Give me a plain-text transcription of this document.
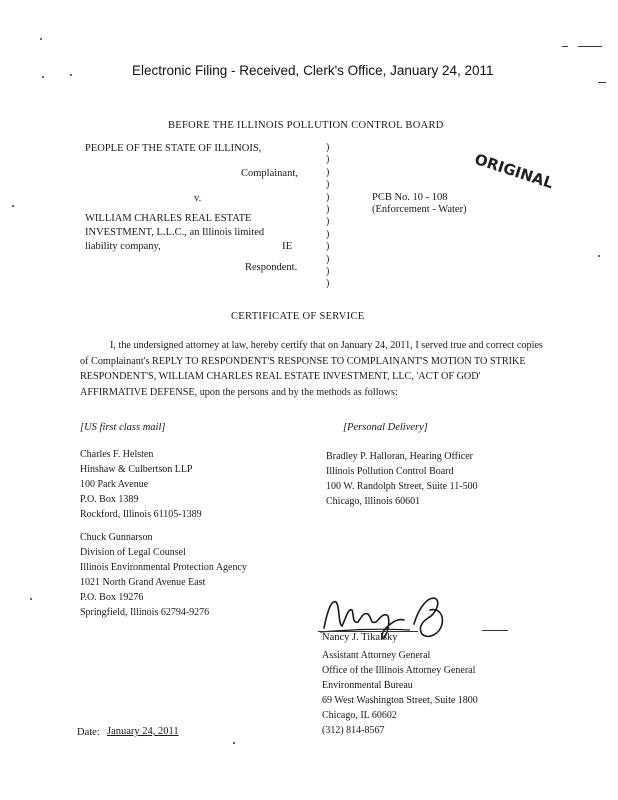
Electronic Filing - Received, Clerk's Office, January 24, 2011
BEFORE THE ILLINOIS POLLUTION CONTROL BOARD
PEOPLE OF THE STATE OF ILLINOIS,
Complainant,
v.
WILLIAM CHARLES REAL ESTATE
INVESTMENT, L.L.C., an Illinois limited
liability company,	IE
Respondent.
)
)
)
)
)
)
)
)
)
)
)
)
ORIGINAL
PCB No. 10 - 108
(Enforcement - Water)
CERTIFICATE OF SERVICE
I, the undersigned attorney at law, hereby certify that on January 24, 2011, I served true and correct copies of Complainant's REPLY TO RESPONDENT'S RESPONSE TO COMPLAINANT'S MOTION TO STRIKE RESPONDENT'S, WILLIAM CHARLES REAL ESTATE INVESTMENT, LLC, 'ACT OF GOD' AFFIRMATIVE DEFENSE, upon the persons and by the methods as follows:
[US first class mail]	[Personal Delivery]
Charles F. Helsten
Hinshaw & Culbertson LLP
100 Park Avenue
P.O. Box 1389
Rockford, Illinois 61105-1389
Bradley P. Halloran, Hearing Officer
Illinois Pollution Control Board
100 W. Randolph Street, Suite 11-500
Chicago, Illinois 60601
Chuck Gunnarson
Division of Legal Counsel
Illinois Environmental Protection Agency
1021 North Grand Avenue East
P.O. Box 19276
Springfield, Illinois 62794-9276
Nancy J. Tikalsky
Assistant Attorney General
Office of the Illinois Attorney General
Environmental Bureau
69 West Washington Street, Suite 1800
Chicago, IL 60602
(312) 814-8567
Date: January 24, 2011
